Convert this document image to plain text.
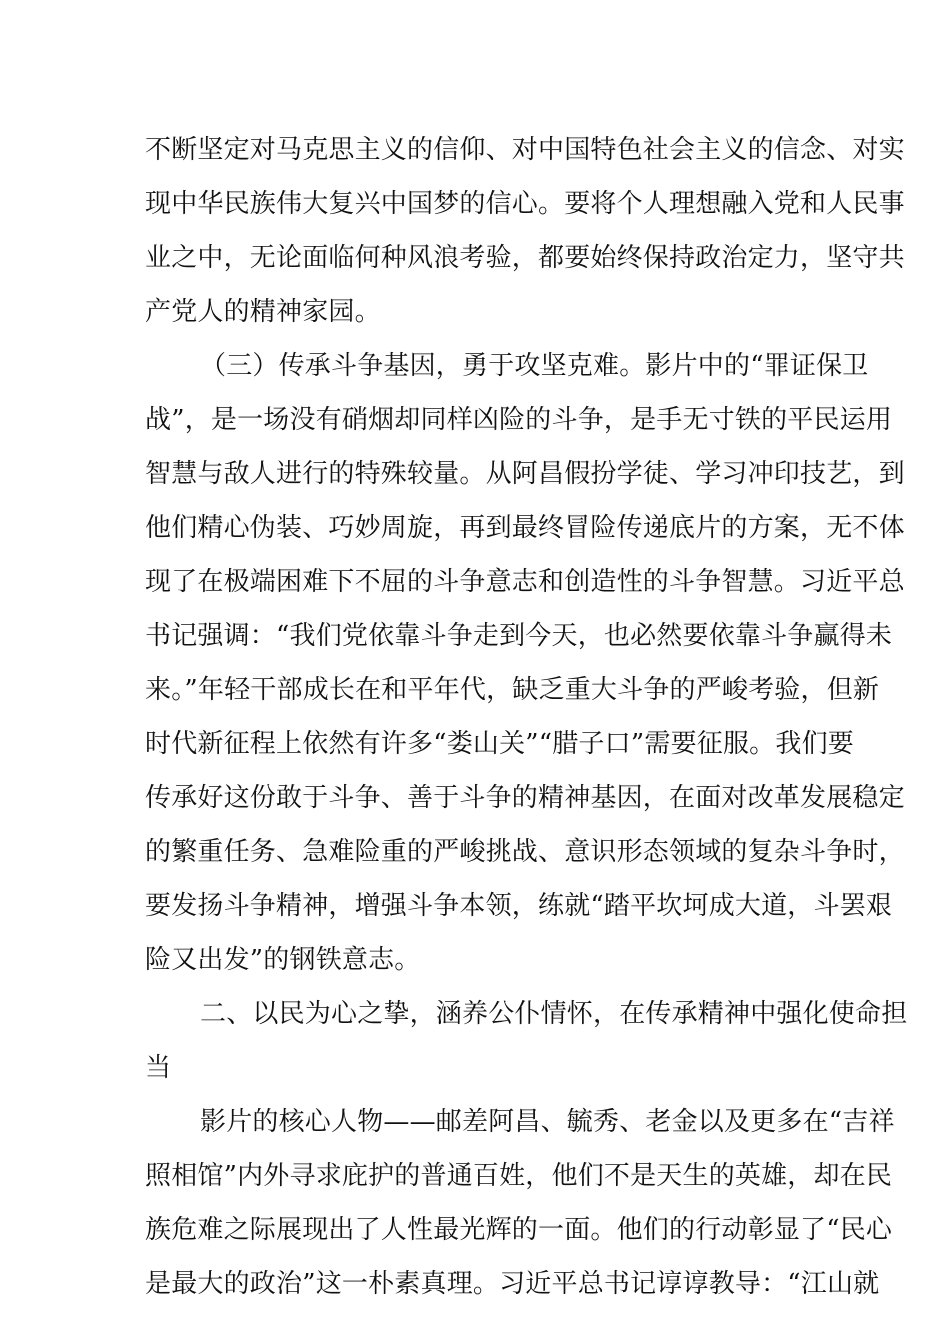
不断坚定对马克思主义的信仰、对中国特色社会主义的信念、对实
现中华民族伟大复兴中国梦的信心。要将个人理想融入党和人民事
业之中，无论面临何种风浪考验，都要始终保持政治定力，坚守共
产党人的精神家园。
（三）传承斗争基因，勇于攻坚克难。影片中的“罪证保卫
战”，是一场没有硝烟却同样凶险的斗争，是手无寸铁的平民运用
智慧与敌人进行的特殊较量。从阿昌假扮学徒、学习冲印技艺，到
他们精心伪装、巧妙周旋，再到最终冒险传递底片的方案，无不体
现了在极端困难下不屈的斗争意志和创造性的斗争智慧。习近平总
书记强调：“我们党依靠斗争走到今天，也必然要依靠斗争赢得未
来。”年轻干部成长在和平年代，缺乏重大斗争的严峻考验，但新
时代新征程上依然有许多“娄山关”“腊子口”需要征服。我们要
传承好这份敢于斗争、善于斗争的精神基因，在面对改革发展稳定
的繁重任务、急难险重的严峻挑战、意识形态领域的复杂斗争时，
要发扬斗争精神，增强斗争本领，练就“踏平坎坷成大道，斗罢艰
险又出发”的钢铁意志。
二、以民为心之挚，涵养公仆情怀，在传承精神中强化使命担
当
影片的核心人物——邮差阿昌、毓秀、老金以及更多在“吉祥
照相馆”内外寻求庇护的普通百姓，他们不是天生的英雄，却在民
族危难之际展现出了人性最光辉的一面。他们的行动彰显了“民心
是最大的政治”这一朴素真理。习近平总书记谆谆教导：“江山就
